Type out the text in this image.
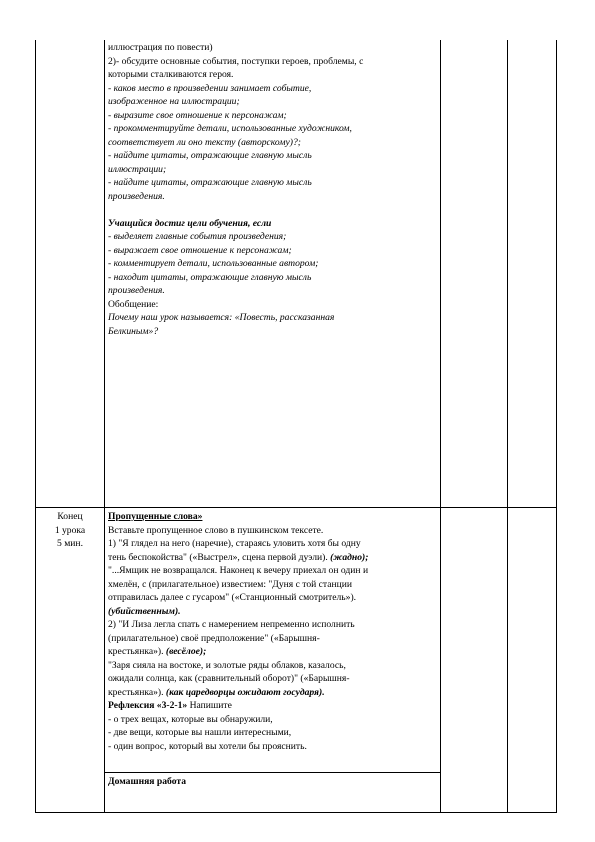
иллюстрация по повести)
2)- обсудите основные события, поступки героев, проблемы, с
которыми сталкиваются героя.
- каков место в произведении занимает событие,
изображенное на иллюстрации;
- выразите свое отношение к персонажам;
- прокомментируйте детали, использованные художником,
соответствует ли оно тексту (авторскому)?;
- найдите цитаты, отражающие главную мысль
иллюстрации;
- найдите цитаты, отражающие главную мысль
произведения.
Учащийся достиг цели обучения, если
- выделяет главные события произведения;
- выражает свое отношение к персонажам;
- комментирует детали, использованные автором;
- находит цитаты, отражающие главную мысль
произведения.
Обобщение:
Почему наш урок называется: «Повесть, рассказанная
Белкиным»?
Конец
1 урока
5 мин.
Пропущенные слова»
Вставьте пропущенное слово в пушкинском тексете.
1) "Я глядел на него (наречие), стараясь уловить хотя бы одну
тень беспокойства" («Выстрел», сцена первой дуэли). (жадно);
"...Ямщик не возвращался. Наконец к вечеру приехал он один и
хмелён, с (прилагательное) известием: "Дуня с той станции
отправилась далее с гусаром" («Станционный смотритель»).
(убийственным).
2) "И Лиза легла спать с намерением непременно исполнить
(прилагательное) своё предположение" («Барышня-
крестьянка»). (весёлое);
"Заря сияла на востоке, и золотые ряды облаков, казалось,
ожидали солнца, как (сравнительный оборот)" («Барышня-
крестьянка»). (как царедворцы ожидают государя).
Рефлексия «3-2-1» Напишите
- о трех вещах, которые вы обнаружили,
- две вещи, которые вы нашли интересными,
- один вопрос, который вы хотели бы прояснить.
Домашняя работа
